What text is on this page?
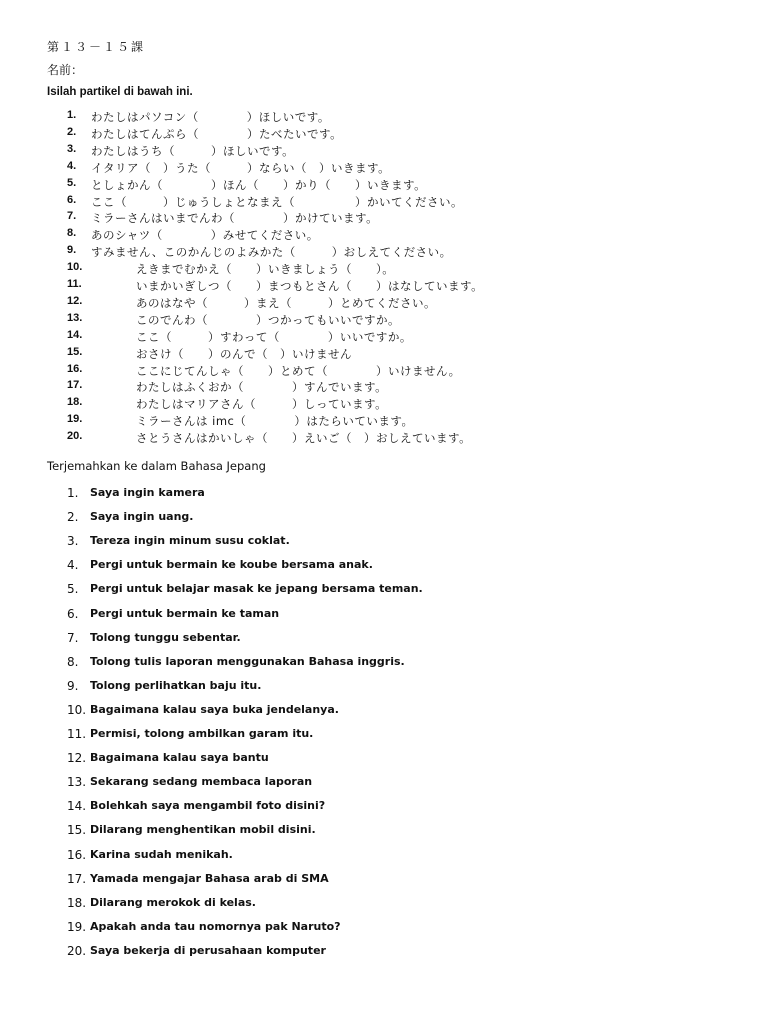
第１３－１５課
名前：
Isilah partikel di bawah ini.
1. わたしはパソコン（　　　　）ほしいです。
2. わたしはてんぷら（　　　　）たべたいです。
3. わたしはうち（　　　）ほしいです。
4. イタリア（　）うた（　　　）ならい（　）いきます。
5. としょかん（　　　　）ほん（　　）かり（　　）いきます。
6. ここ（　　　）じゅうしょとなまえ（　　　　　）かいてください。
7. ミラーさんはいまでんわ（　　　　）かけています。
8. あのシャツ（　　　　）みせてください。
9. すみません、このかんじのよみかた（　　　）おしえてください。
10.	えきまでむかえ（　　）いきましょう（　　）。
11.	いまかいぎしつ（　　）まつもとさん（　　）はなしています。
12.	あのはなや（　　　）まえ（　　　）とめてください。
13.	このでんわ（　　　　）つかってもいいですか。
14.	ここ（　　　）すわって（　　　　）いいですか。
15.	おさけ（　　）のんで（　）いけません
16.	ここにじてんしゃ（　　）とめて（　　　　）いけません。
17.	わたしはふくおか（　　　　）すんでいます。
18.	わたしはマリアさん（　　　）しっています。
19.	ミラーさんは imc（　　　　）はたらいています。
20.	さとうさんはかいしゃ（　　）えいご（　）おしえています。
Terjemahkan ke dalam Bahasa Jepang
1. Saya ingin kamera
2. Saya ingin uang.
3. Tereza ingin minum susu coklat.
4. Pergi untuk bermain ke koube bersama anak.
5. Pergi untuk belajar masak ke jepang bersama teman.
6. Pergi untuk bermain ke taman
7. Tolong tunggu sebentar.
8. Tolong tulis laporan menggunakan Bahasa inggris.
9. Tolong perlihatkan baju itu.
10. Bagaimana kalau saya buka jendelanya.
11. Permisi, tolong ambilkan garam itu.
12. Bagaimana kalau saya bantu
13. Sekarang sedang membaca laporan
14. Bolehkah saya mengambil foto disini?
15. Dilarang menghentikan mobil disini.
16. Karina sudah menikah.
17. Yamada mengajar Bahasa arab di SMA
18. Dilarang merokok di kelas.
19. Apakah anda tau nomornya pak Naruto?
20. Saya bekerja di perusahaan komputer
